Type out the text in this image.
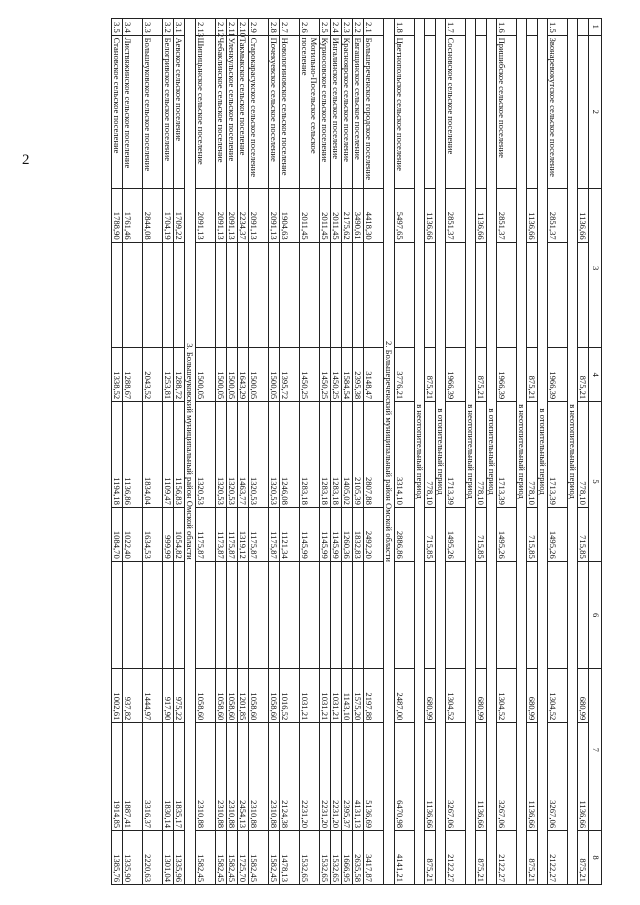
2
1	2	3		4	5		6	7		8
		1136,66		875,21	778,10	715,85		680,99	1136,66	875,21
в неотопительный период										
1.5	Звонаревокутское сельское поселение	2851,37		1966,39	1713,39	1495,26		1304,52	3267,06	2122,27
в отопительный период										
		1136,66		875,21	778,10	715,85		680,99	1136,66	875,21
в неотопительный период										
1.6	Пришибское сельское поселение	2851,37		1966,39	1713,39	1495,26		1304,52	3267,06	2122,27
в отопительный период										
		1136,66		875,21	778,10	715,85		680,99	1136,66	875,21
в неотопительный период										
1.7	Сосновское сельское поселение	2851,37		1966,39	1713,39	1495,26		1304,52	3267,06	2122,27
в отопительный период										
		1136,66		875,21	778,10	715,85		680,99	1136,66	875,21
в неотопительный период										
1.8	Цветнопольское сельское поселение	5497,65		3776,21	3314,10	2886,86		2487,00	6470,98	4141,21
2. Большереченский муниципальный район Омской области										
2.1	Большереченское городское поселение	4418,30		3148,47	2807,88	2492,20		2197,88	5136,69	3417,87
2.2	Евгащинское сельское поселение	3490,61		2395,38	2105,39	1832,83		1575,20	4131,13	2635,58
2.3	Красноярское сельское поселение	2175,62		1584,54	1405,02	1260,36		1143,10	2395,37	1666,95
2.4	Ингалинское сельское поселение	2011,45		1450,25	1283,18	1145,99		1031,21	2231,20	1532,65
2.5	Курносовское сельское поселение	2011,45		1450,25	1283,18	1145,99		1031,21	2231,20	1532,65
2.6	Могильно-Посельское сельское поселение	2011,45		1450,25	1283,18	1145,99		1031,21	2231,20	1532,65
2.7	Новологиновское сельское поселение	1904,63		1395,72	1246,08	1121,34		1016,52	2124,38	1478,13
2.8	Почекуевское сельское поселение	2091,13		1500,05	1320,53	1175,87		1058,60	2310,88	1582,45
2.9	Старокарасукское сельское поселение	2091,13		1500,05	1320,53	1175,87		1058,60	2310,88	1582,45
2.10	Такмыкское сельское поселение	2234,37		1643,29	1463,77	1319,12		1201,85	2454,13	1725,70
2.11	Уленкульское сельское поселение	2091,13		1500,05	1320,53	1175,87		1058,60	2310,88	1582,45
2.12	Чебаклинское сельское поселение	2091,13		1500,05	1320,53	1173,87		1058,60	2310,88	1582,45
2.13	Шипицынское сельское поселение	2091,13		1500,05	1320,53	1175,87		1058,60	2310,88	1582,45
3. Большеуковский муниципальный район Омской области										
3.1	Аевское сельское поселение	1709,22		1288,72	1156,83	1054,82		975,22	1835,17	1335,96
3.2	Белогривское сельское поселение	1704,19		1253,81	1109,47	999,99		917,90	1830,14	1301,04
3.3	Большеуковское сельское поселение	2844,08		2043,52	1834,04	1634,53		1444,97	3316,37	2220,63
3.4	Листвяжинское сельское поселение	1761,46		1288,67	1136,86	1022,40		937,82	1887,41	1335,90
3.5	Становское сельское поселение	1788,90		1338,52	1194,18	1084,70		1002,61	1914,85	1385,76
